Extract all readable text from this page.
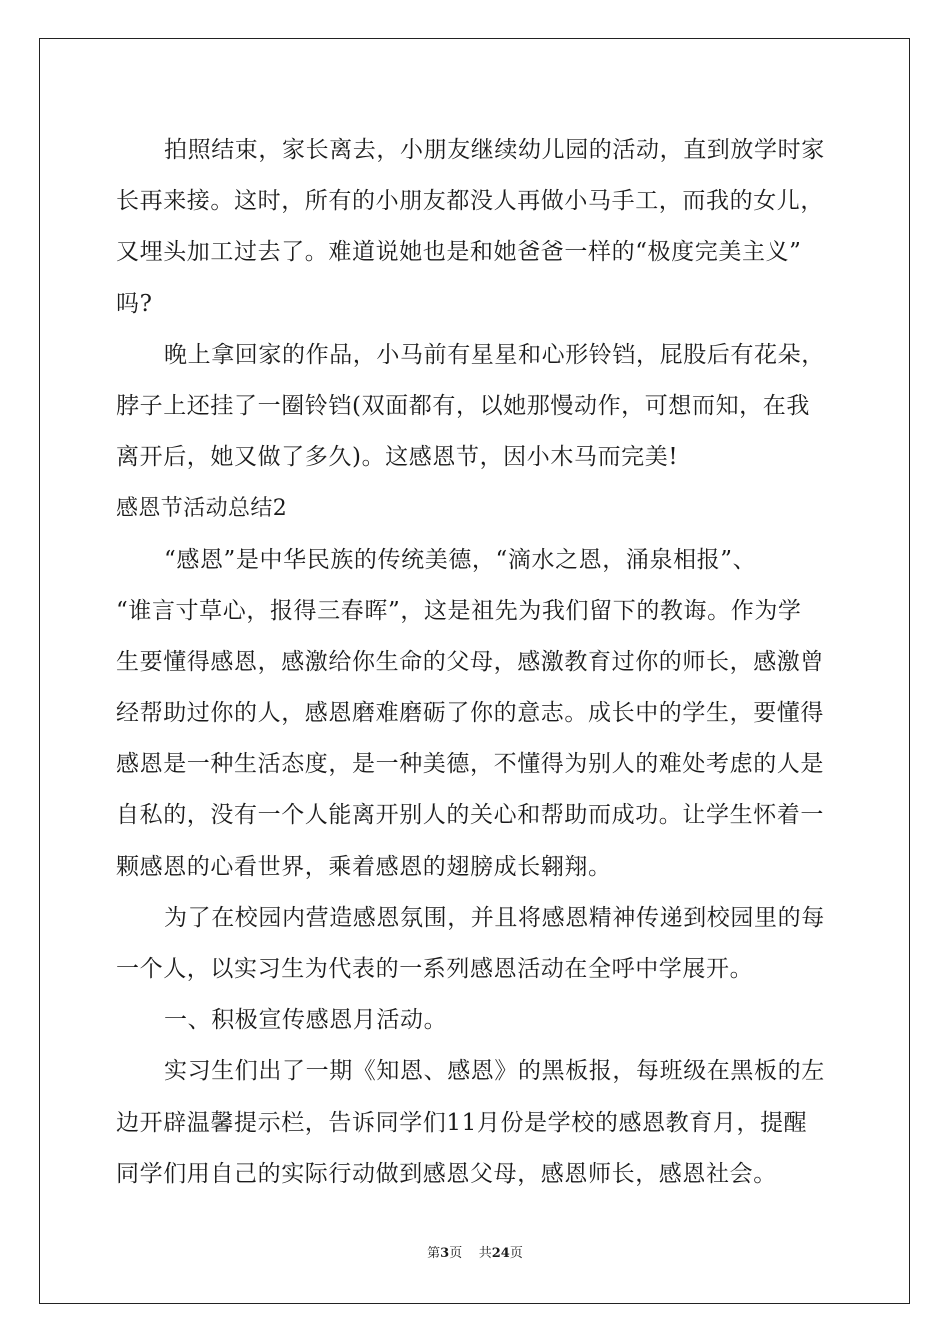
拍照结束，家长离去，小朋友继续幼儿园的活动，直到放学时家
长再来接。这时，所有的小朋友都没人再做小马手工，而我的女儿，
又埋头加工过去了。难道说她也是和她爸爸一样的“极度完美主义”
吗?
晚上拿回家的作品，小马前有星星和心形铃铛，屁股后有花朵，
脖子上还挂了一圈铃铛(双面都有，以她那慢动作，可想而知，在我
离开后，她又做了多久)。这感恩节，因小木马而完美!
感恩节活动总结2
“感恩”是中华民族的传统美德，“滴水之恩，涌泉相报”、
“谁言寸草心，报得三春晖”，这是祖先为我们留下的教诲。作为学
生要懂得感恩，感激给你生命的父母，感激教育过你的师长，感激曾
经帮助过你的人，感恩磨难磨砺了你的意志。成长中的学生，要懂得
感恩是一种生活态度，是一种美德，不懂得为别人的难处考虑的人是
自私的，没有一个人能离开别人的关心和帮助而成功。让学生怀着一
颗感恩的心看世界，乘着感恩的翅膀成长翱翔。
为了在校园内营造感恩氛围，并且将感恩精神传递到校园里的每
一个人，以实习生为代表的一系列感恩活动在全呼中学展开。
一、积极宣传感恩月活动。
实习生们出了一期《知恩、感恩》的黑板报，每班级在黑板的左
边开辟温馨提示栏，告诉同学们11月份是学校的感恩教育月，提醒
同学们用自己的实际行动做到感恩父母，感恩师长，感恩社会。
第3页 共24页
